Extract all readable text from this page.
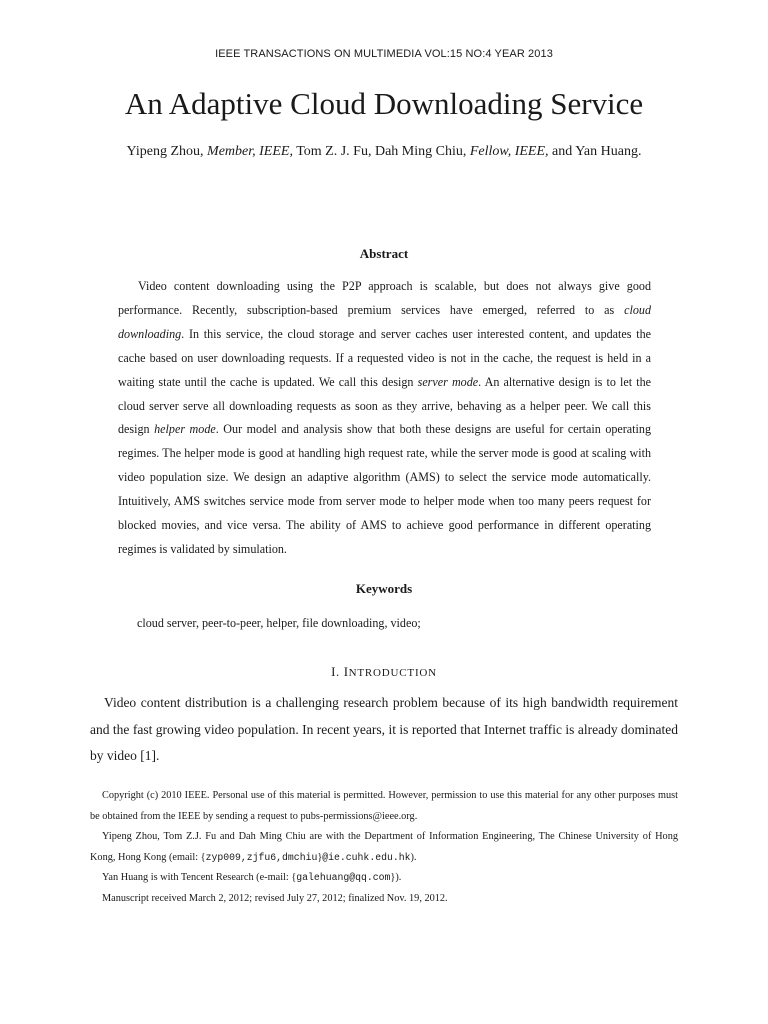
IEEE TRANSACTIONS ON MULTIMEDIA VOL:15 NO:4 YEAR 2013
An Adaptive Cloud Downloading Service
Yipeng Zhou, Member, IEEE, Tom Z. J. Fu, Dah Ming Chiu, Fellow, IEEE, and Yan Huang.
Abstract

Video content downloading using the P2P approach is scalable, but does not always give good performance. Recently, subscription-based premium services have emerged, referred to as cloud downloading. In this service, the cloud storage and server caches user interested content, and updates the cache based on user downloading requests. If a requested video is not in the cache, the request is held in a waiting state until the cache is updated. We call this design server mode. An alternative design is to let the cloud server serve all downloading requests as soon as they arrive, behaving as a helper peer. We call this design helper mode. Our model and analysis show that both these designs are useful for certain operating regimes. The helper mode is good at handling high request rate, while the server mode is good at scaling with video population size. We design an adaptive algorithm (AMS) to select the service mode automatically. Intuitively, AMS switches service mode from server mode to helper mode when too many peers request for blocked movies, and vice versa. The ability of AMS to achieve good performance in different operating regimes is validated by simulation.

Keywords
cloud server, peer-to-peer, helper, file downloading, video;
I. INTRODUCTION

Video content distribution is a challenging research problem because of its high bandwidth requirement and the fast growing video population. In recent years, it is reported that Internet traffic is already dominated by video [1].

Copyright (c) 2010 IEEE. Personal use of this material is permitted. However, permission to use this material for any other purposes must be obtained from the IEEE by sending a request to pubs-permissions@ieee.org.

Yipeng Zhou, Tom Z.J. Fu and Dah Ming Chiu are with the Department of Information Engineering, The Chinese University of Hong Kong, Hong Kong (email: {zyp009,zjfu6,dmchiu}@ie.cuhk.edu.hk).

Yan Huang is with Tencent Research (e-mail: {galehuang@qq.com}).

Manuscript received March 2, 2012; revised July 27, 2012; finalized Nov. 19, 2012.
